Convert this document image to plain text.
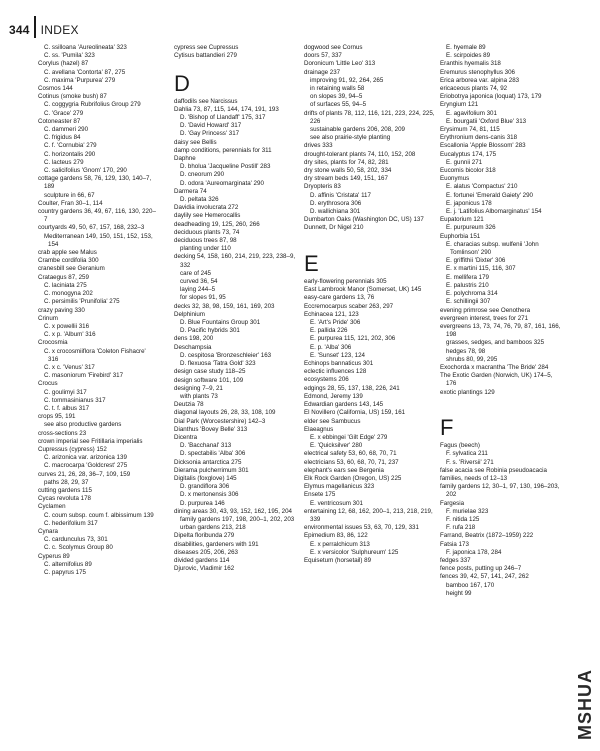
344 INDEX
C. ssilloana 'Aureolineata' 323
C. ss. 'Pumila' 323
Corylus (hazel) 87
C. avellana 'Contorta' 87, 275
C. maxima 'Purpurea' 279
Cosmos 144
Cotinus (smoke bush) 87
C. coggygria Rubrifolius Group 279
C. 'Grace' 279
Cotoneaster 87
C. dammeri 290
C. frigidus 84
C. f. 'Cornubia' 279
C. horizontalis 290
C. lacteus 279
C. salicifolius 'Gnom' 170, 290
cottage gardens 58, 76, 129, 130, 140–7, 189
sculpture in 66, 67
Coulter, Fran 30–1, 114
country gardens 36, 49, 67, 116, 130, 220–7
courtyards 49, 50, 67, 157, 168, 232–3
Mediterranean 149, 150, 151, 152, 153, 154
crab apple see Malus
Crambe cordifolia 300
cranesbill see Geranium
Crataegus 87, 259
C. laciniata 275
C. monogyna 202
C. persimilis 'Prunifolia' 275
crazy paving 330
Crinum
C. x powellii 316
C. x p. 'Album' 316
Crocosmia
C. x crocosmiiflora 'Coleton Fishacre' 316
C. x c. 'Venus' 317
C. masoniorum 'Firebird' 317
Crocus
C. goulimyi 317
C. tommasinianus 317
C. t. f. albus 317
crops 95, 191
see also productive gardens
cross-sections 23
crown imperial see Fritillaria imperialis
Cupressus (cypress) 152
C. arizonica var. arizonica 139
C. macrocarpa 'Goldcrest' 275
curves 21, 26, 28, 36–7, 109, 159
paths 28, 29, 37
cutting gardens 115
Cycas revoluta 178
Cyclamen
C. coum subsp. coum f. albissimum 139
C. hederifolium 317
Cynara
C. cardunculus 73, 301
C. c. Scolymus Group 80
Cyperus 89
C. alternifolius 89
C. papyrus 175
cypress see Cupressus
Cytisus battandieri 279
D
daffodils see Narcissus
Dahlia 73, 87, 115, 144, 174, 191, 193
D. 'Bishop of Llandaff' 175, 317
D. 'David Howard' 317
D. 'Gay Princess' 317
daisy see Bellis
damp conditions, perennials for 311
Daphne
D. bholua 'Jacqueline Postill' 283
D. cneorum 290
D. odora 'Aureomarginata' 290
Darmera 74
D. peltata 326
Davidia involucrata 272
daylily see Hemerocallis
deadheading 19, 125, 260, 266
deciduous plants 73, 74
deciduous trees 87, 98
planting under 110
decking 54, 158, 160, 214, 219, 223, 238–9, 332
care of 245
curved 36, 54
laying 244–5
for slopes 91, 95
decks 32, 38, 98, 159, 161, 169, 203
Delphinium
D. Blue Fountains Group 301
D. Pacific hybrids 301
dens 198, 200
Deschampsia
D. cespitosa 'Bronzeschleier' 163
D. flexuosa 'Tatra Gold' 323
design case study 118–25
design software 101, 109
designing 7–9, 21
with plants 73
Deutzia 78
diagonal layouts 26, 28, 33, 108, 109
Dial Park (Worcestershire) 142–3
Dianthus 'Bovey Belle' 313
Dicentra
D. 'Bacchanal' 313
D. spectabilis 'Alba' 306
Dicksonia antarctica 275
Dierama pulcherrimum 301
Digitalis (foxglove) 145
D. grandiflora 306
D. x mertonensis 306
D. purpurea 146
dining areas 30, 43, 93, 152, 162, 195, 204
family gardens 197, 198, 200–1, 202, 203
urban gardens 213, 218
Dipelta floribunda 279
disabilities, gardeners with 191
diseases 205, 206, 263
divided gardens 114
Djurovic, Vladimir 162
dogwood see Cornus
doors 57, 337
Doronicum 'Little Leo' 313
drainage 237
improving 91, 92, 264, 265
in retaining walls 58
on slopes 39, 94–5
of surfaces 55, 94–5
drifts of plants 78, 112, 116, 121, 223, 224, 225, 226
sustainable gardens 206, 208, 209
see also prairie-style planting
drives 333
drought-tolerant plants 74, 110, 152, 208
dry sites, plants for 74, 82, 281
dry stone walls 50, 58, 202, 334
dry stream beds 149, 151, 167
Dryopteris 83
D. affinis 'Cristata' 117
D. erythrosora 306
D. wallichiana 301
Dumbarton Oaks (Washington DC, US) 137
Dunnett, Dr Nigel 210
E
early-flowering perennials 305
East Lambrook Manor (Somerset, UK) 145
easy-care gardens 13, 76
Eccremocarpus scaber 263, 297
Echinacea 121, 123
E. 'Art's Pride' 306
E. pallida 226
E. purpurea 115, 121, 202, 306
E. p. 'Alba' 306
E. 'Sunset' 123, 124
Echinops bannaticus 301
eclectic influences 128
ecosystems 206
edgings 28, 55, 137, 138, 226, 241
Edmond, Jeremy 139
Edwardian gardens 143, 145
El Novillero (California, US) 159, 161
elder see Sambucus
Elaeagnus
E. x ebbingei 'Gilt Edge' 279
E. 'Quicksilver' 280
electrical safety 53, 60, 68, 70, 71
electricians 53, 60, 68, 70, 71, 237
elephant's ears see Bergenia
Elk Rock Garden (Oregon, US) 225
Elymus magellanicus 323
Ensete 175
E. ventricosum 301
entertaining 12, 68, 162, 200–1, 213, 218, 219, 339
environmental issues 53, 63, 70, 129, 331
Epimedium 83, 86, 122
E. x perralchicum 313
E. x versicolor 'Sulphureum' 125
Equisetum (horsetail) 89
E. hyemale 89
E. scirpoides 89
Eranthis hyemalis 318
Eremurus stenophyllus 306
Erica arborea var. alpina 283
ericaceous plants 74, 92
Eriobotrya japonica (loquat) 173, 179
Eryngium 121
E. agavifolium 301
E. bourgatii 'Oxford Blue' 313
Erysimum 74, 81, 115
Erythronium dens-canis 318
Escallonia 'Apple Blossom' 283
Eucalyptus 174, 175
E. gunnii 271
Eucomis bicolor 318
Euonymus
E. alatus 'Compactus' 210
E. fortunei 'Emerald Gaiety' 290
E. japonicus 178
E. j. 'Latifolius Albomarginatus' 154
Eupatorium 121
E. purpureum 326
Euphorbia 151
E. characias subsp. wulfenii 'John Tomlinson' 290
E. griffithii 'Dixter' 306
E. x martini 115, 116, 307
E. mellifera 179
E. palustris 210
E. polychroma 314
E. schillingii 307
evening primrose see Oenothera
evergreen interest, trees for 271
evergreens 13, 73, 74, 76, 79, 87, 161, 166, 198
grasses, sedges, and bamboos 325
hedges 78, 98
shrubs 80, 99, 295
Exochorda x macrantha 'The Bride' 284
The Exotic Garden (Norwich, UK) 174–5, 176
exotic plantings 129
F
Fagus (beech)
F. sylvatica 211
F. s. 'Riversii' 271
false acacia see Robinia pseudoacacia
families, needs of 12–13
family gardens 12, 30–1, 97, 130, 196–203, 202
Fargesia
F. murielae 323
F. nitida 125
F. rufa 218
Farrand, Beatrix (1872–1959) 222
Fatsia 173
F. japonica 178, 284
fedges 337
fence posts, putting up 246–7
fences 39, 42, 57, 141, 247, 262
bamboo 167, 170
height 99
MSHUA
